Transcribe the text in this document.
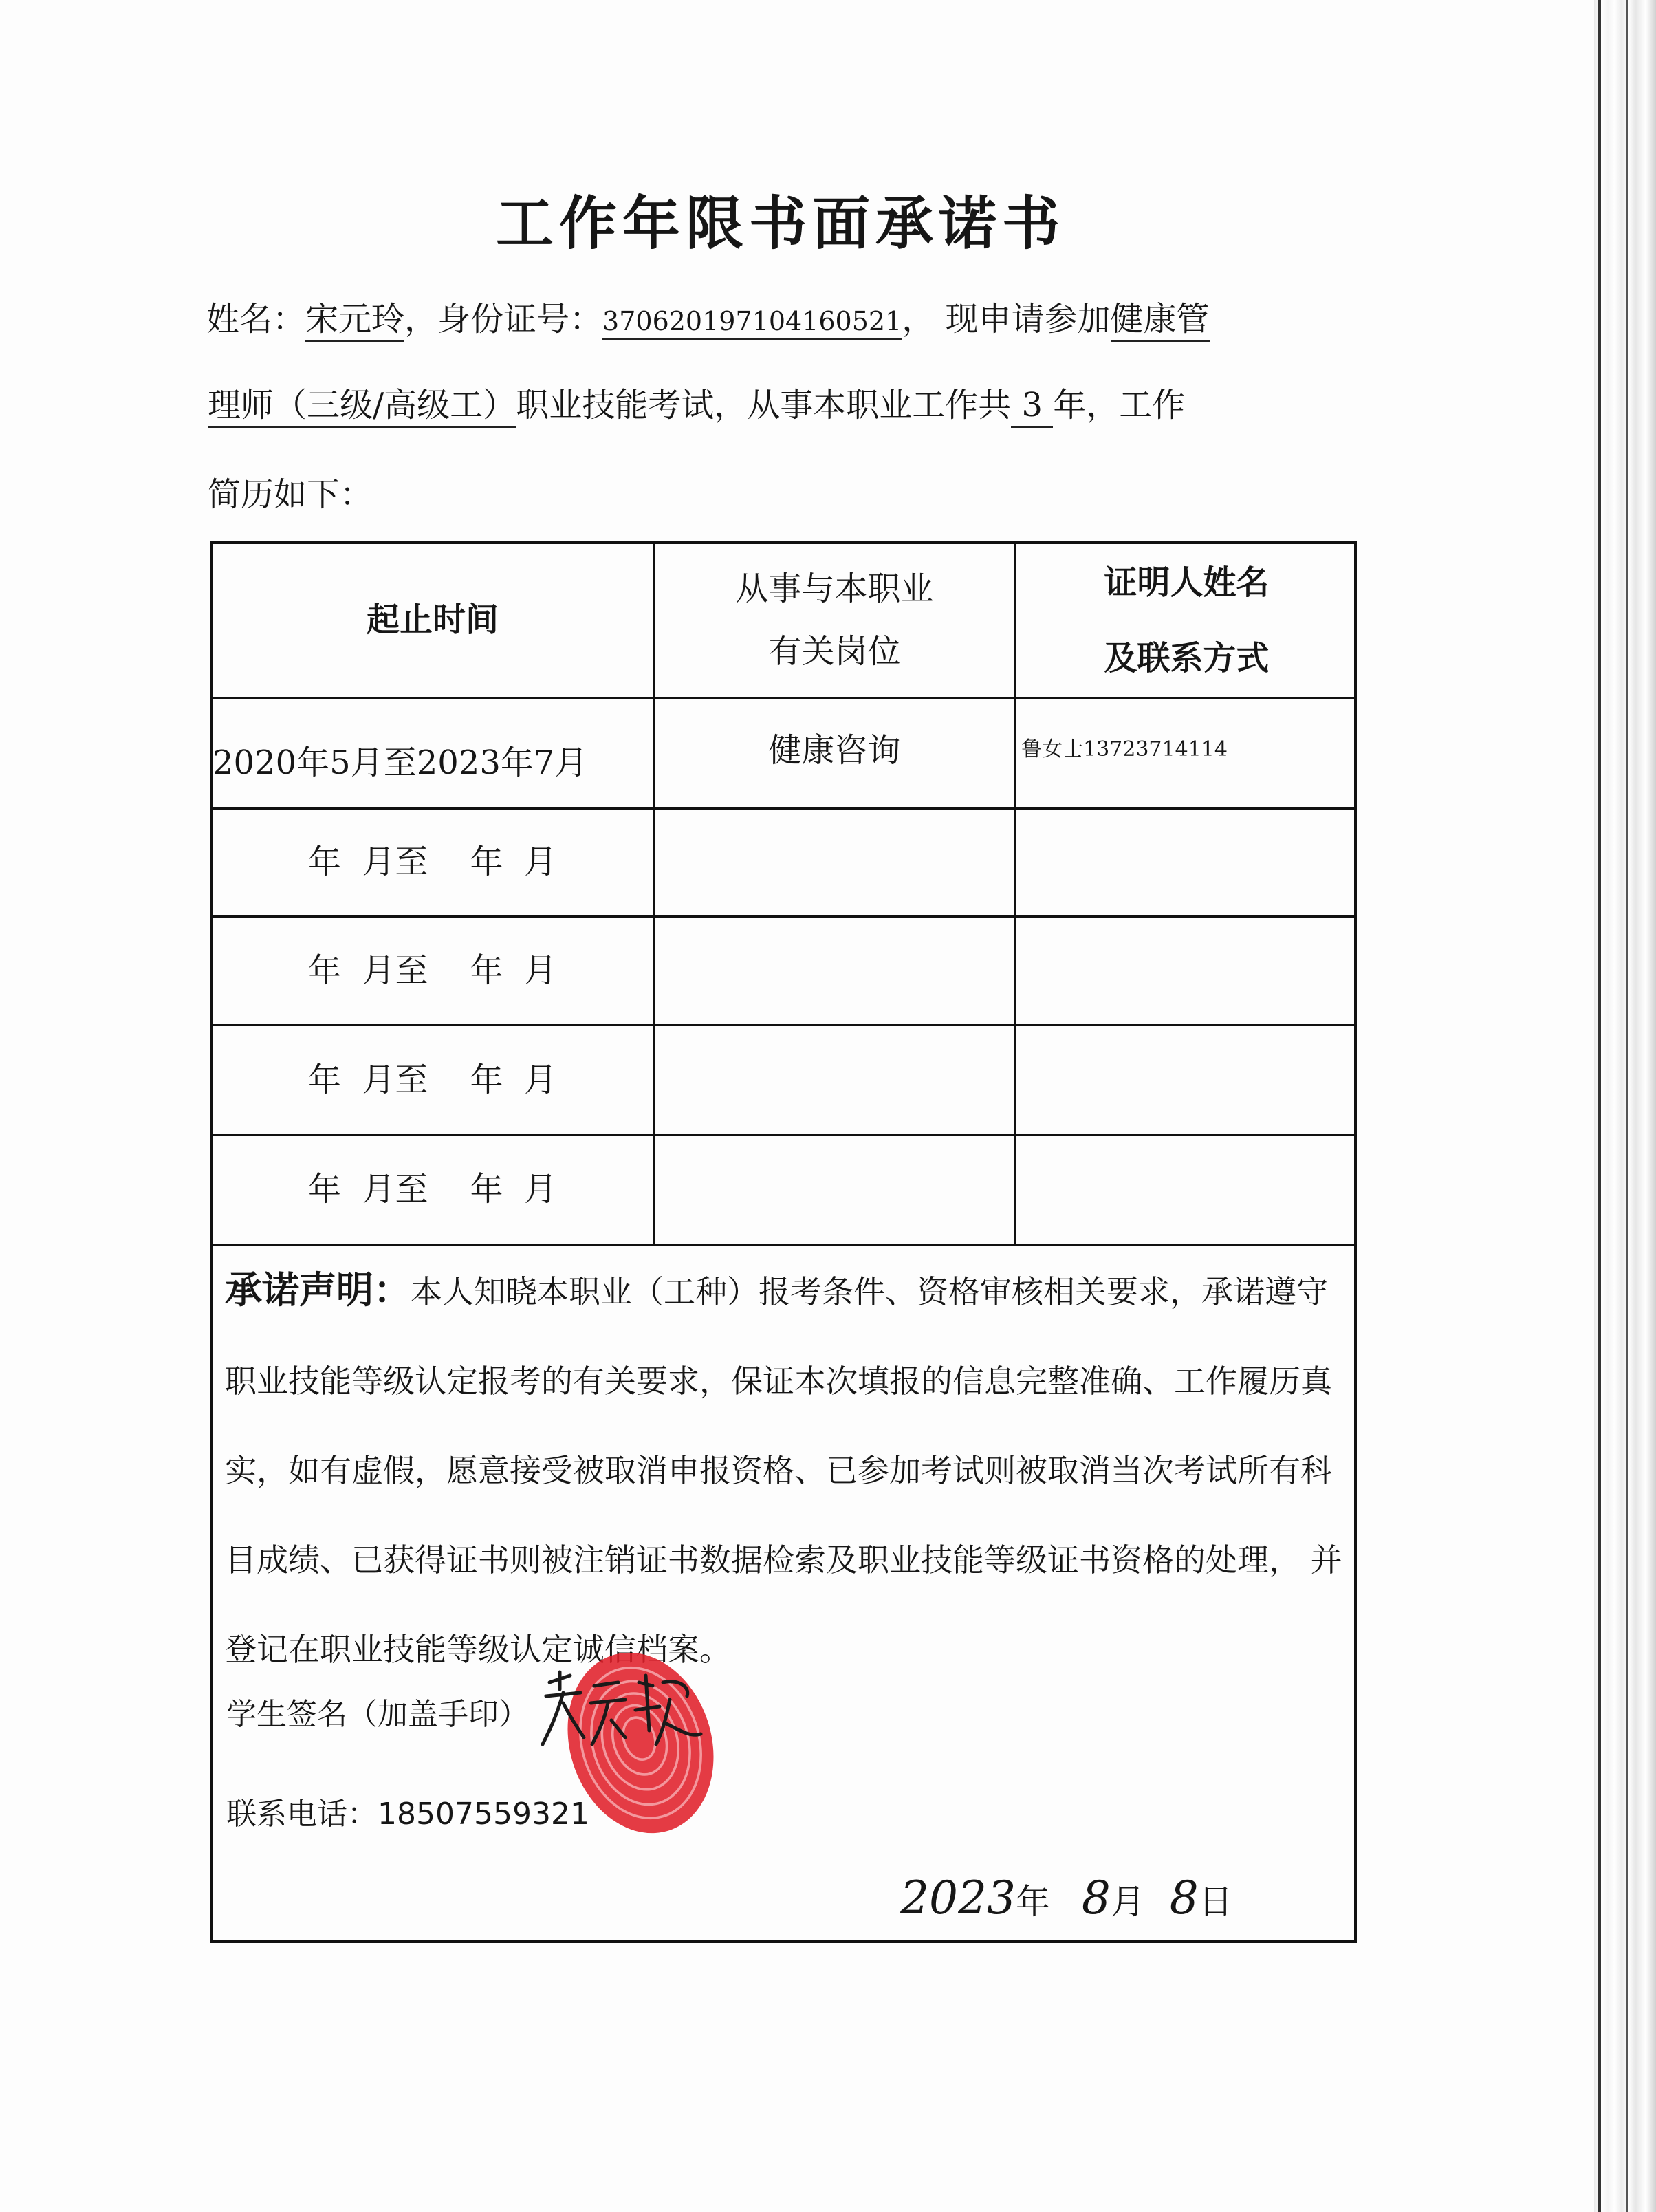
工作年限书面承诺书
姓名：宋元玲，身份证号：370620197104160521， 现申请参加健康管
理师（三级/高级工）职业技能考试，从事本职业工作共 3 年，工作
简历如下：
起止时间
从事与本职业
有关岗位
证明人姓名
及联系方式
2020年5月至2023年7月	健康咨询	鲁女士13723714114
年  月至    年  月
年  月至    年  月
年  月至    年  月
年  月至    年  月
承诺声明：本人知晓本职业（工种）报考条件、资格审核相关要求，承诺遵守职业技能等级认定报考的有关要求，保证本次填报的信息完整准确、工作履历真实，如有虚假，愿意接受被取消申报资格、已参加考试则被取消当次考试所有科目成绩、已获得证书则被注销证书数据检索及职业技能等级证书资格的处理， 并登记在职业技能等级认定诚信档案。
学生签名（加盖手印）
联系电话：18507559321
2023年 8月 8日
